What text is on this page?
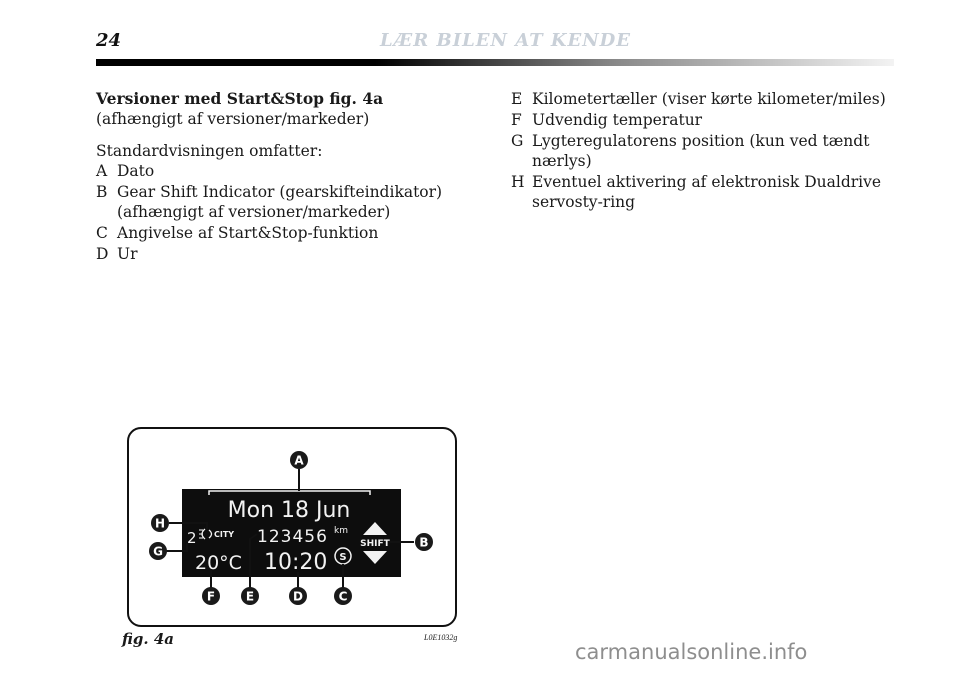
24	LÆR BILEN AT KENDE
Versioner med Start&Stop fig. 4a
(afhængigt af versioner/markeder)
Standardvisningen omfatter:
A Dato
B Gear Shift Indicator (gearskifteindikator) (afhængigt af versioner/markeder)
C Angivelse af Start&Stop-funktion
D Ur
E Kilometertæller (viser kørte kilometer/miles)
F Udvendig temperatur
G Lygteregulatorens position (kun ved tændt nærlys)
H Eventuel aktivering af elektronisk Dualdrive servosty-ring
Mon 18 Jun
2 CITY 123456 km
SHIFT
20°C 10:20 S
A
B
C
D
E
F
G
H
fig. 4a	L0E1032g
carmanualsonline.info
